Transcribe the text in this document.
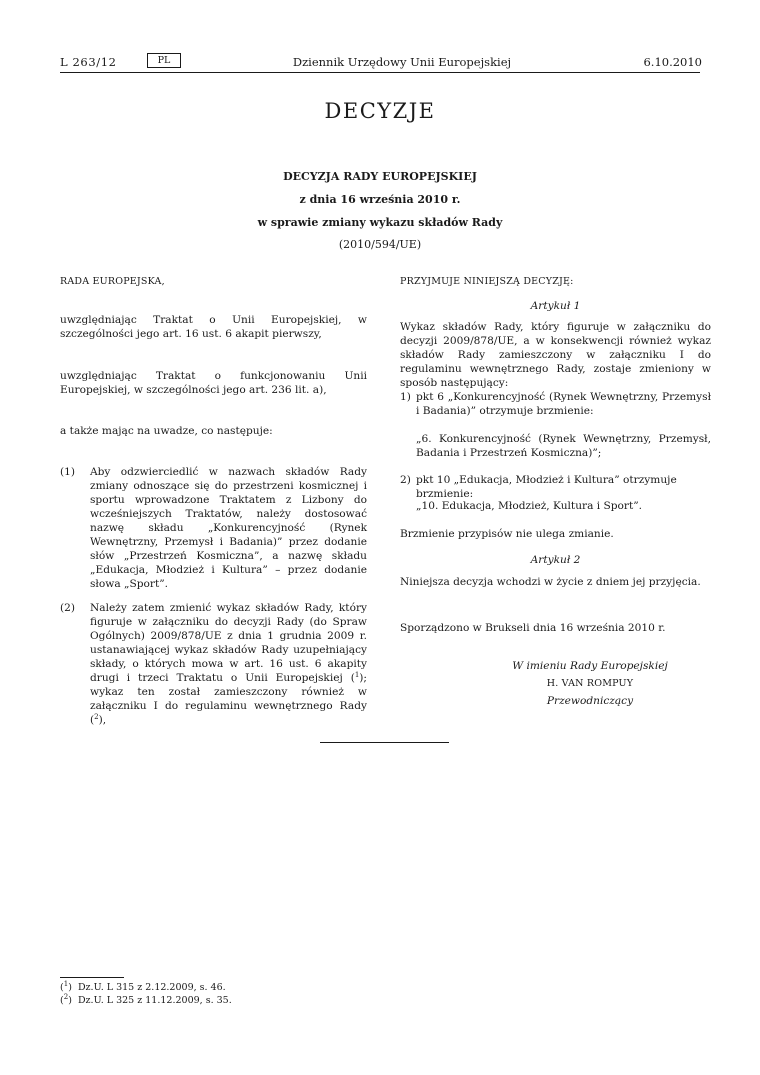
L 263/12	PL	Dziennik Urzędowy Unii Europejskiej	6.10.2010
DECYZJE
DECYZJA RADY EUROPEJSKIEJ
z dnia 16 września 2010 r.
w sprawie zmiany wykazu składów Rady
(2010/594/UE)
RADA EUROPEJSKA,
uwzględniając Traktat o Unii Europejskiej, w szczególności jego art. 16 ust. 6 akapit pierwszy,
uwzględniając Traktat o funkcjonowaniu Unii Europejskiej, w szczególności jego art. 236 lit. a),
a także mając na uwadze, co następuje:
(1) Aby odzwierciedlić w nazwach składów Rady zmiany odnoszące się do przestrzeni kosmicznej i sportu wprowadzone Traktatem z Lizbony do wcześniejszych Traktatów, należy dostosować nazwę składu „Konkurencyjność (Rynek Wewnętrzny, Przemysł i Badania)” przez dodanie słów „Przestrzeń Kosmiczna”, a nazwę składu „Edukacja, Młodzież i Kultura” – przez dodanie słowa „Sport”.
(2) Należy zatem zmienić wykaz składów Rady, który figuruje w załączniku do decyzji Rady (do Spraw Ogólnych) 2009/878/UE z dnia 1 grudnia 2009 r. ustanawiającej wykaz składów Rady uzupełniający składy, o których mowa w art. 16 ust. 6 akapity drugi i trzeci Traktatu o Unii Europejskiej ($^1$); wykaz ten został zamieszczony również w załączniku I do regulaminu wewnętrznego Rady ($^2$),
PRZYJMUJE NINIEJSZĄ DECYZJĘ:
Artykuł 1
Wykaz składów Rady, który figuruje w załączniku do decyzji 2009/878/UE, a w konsekwencji również wykaz składów Rady zamieszczony w załączniku I do regulaminu wewnętrznego Rady, zostaje zmieniony w sposób następujący:
1) pkt 6 „Konkurencyjność (Rynek Wewnętrzny, Przemysł i Badania)” otrzymuje brzmienie:
„6. Konkurencyjność (Rynek Wewnętrzny, Przemysł, Badania i Przestrzeń Kosmiczna)”;
2) pkt 10 „Edukacja, Młodzież i Kultura” otrzymuje brzmienie:
„10. Edukacja, Młodzież, Kultura i Sport”.
Brzmienie przypisów nie ulega zmianie.
Artykuł 2
Niniejsza decyzja wchodzi w życie z dniem jej przyjęcia.
Sporządzono w Brukseli dnia 16 września 2010 r.
W imieniu Rady Europejskiej
H. VAN ROMPUY
Przewodniczący
($^1$)  Dz.U. L 315 z 2.12.2009, s. 46.
($^2$)  Dz.U. L 325 z 11.12.2009, s. 35.
